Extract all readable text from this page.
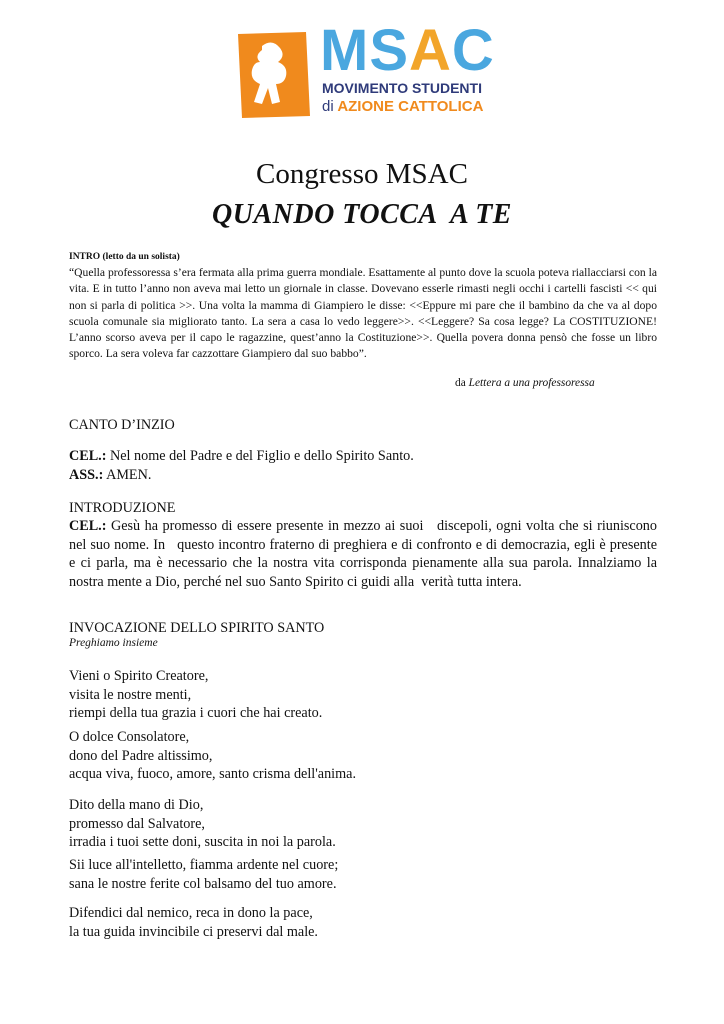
MSAC
MOVIMENTO STUDENTI
di AZIONE CATTOLICA
Congresso MSAC
QUANDO TOCCA  A TE
INTRO (letto da un solista)
“Quella professoressa s’era fermata alla prima guerra mondiale. Esattamente al punto dove la scuola poteva riallacciarsi con la vita. E in tutto l’anno non aveva mai letto un giornale in classe. Dovevano esserle rimasti negli occhi i cartelli fascisti << qui non si parla di politica >>. Una volta la mamma di Giampiero le disse: <<Eppure mi pare che il bambino da che va al dopo scuola comunale sia migliorato tanto. La sera a casa lo vedo leggere>>. <<Leggere? Sa cosa legge? La COSTITUZIONE! L’anno scorso aveva per il capo le ragazzine, quest’anno la Costituzione>>. Quella povera donna pensò che fosse un libro sporco. La sera voleva far cazzottare Giampiero dal suo babbo”.
da Lettera a una professoressa
CANTO D’INZIO
CEL.: Nel nome del Padre e del Figlio e dello Spirito Santo.
ASS.: AMEN.
INTRODUZIONE
CEL.: Gesù ha promesso di essere presente in mezzo ai suoi   discepoli, ogni volta che si riuniscono nel suo nome. In   questo incontro fraterno di preghiera e di confronto e di democrazia, egli è presente e ci parla, ma è necessario che la nostra vita corrisponda pienamente alla sua parola. Innalziamo la nostra mente a Dio, perché nel suo Santo Spirito ci guidi alla  verità tutta intera.
INVOCAZIONE DELLO SPIRITO SANTO
Preghiamo insieme
Vieni o Spirito Creatore,
visita le nostre menti,
riempi della tua grazia i cuori che hai creato.
O dolce Consolatore,
dono del Padre altissimo,
acqua viva, fuoco, amore, santo crisma dell'anima.
Dito della mano di Dio,
promesso dal Salvatore,
irradia i tuoi sette doni, suscita in noi la parola.
Sii luce all'intelletto, fiamma ardente nel cuore;
sana le nostre ferite col balsamo del tuo amore.
Difendici dal nemico, reca in dono la pace,
la tua guida invincibile ci preservi dal male.
